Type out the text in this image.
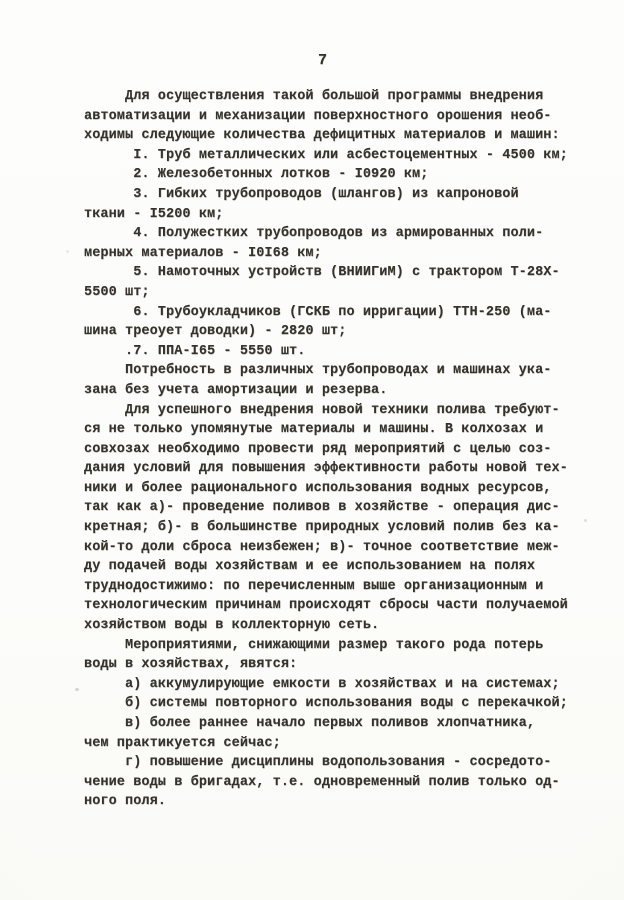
7
Для осуществления такой большой программы внедрения
автоматизации и механизации поверхностного орошения необ-
ходимы следующие количества дефицитных материалов и машин:
I. Труб металлических или асбестоцементных - 4500 км;
2. Железобетонных лотков - I0920 км;
3. Гибких трубопроводов (шлангов) из капроновой
ткани - I5200 км;
4. Полужестких трубопроводов из армированных поли-
мерных материалов - I0I68 км;
5. Намоточных устройств (ВНИИГиМ) с трактором Т-28Х-
5500 шт;
6. Трубоукладчиков (ГСКБ по ирригации) ТТН-250 (ма-
шина треоует доводки) - 2820 шт;
.7. ППА-I65 - 5550 шт.
Потребность в различных трубопроводах и машинах ука-
зана без учета амортизации и резерва.
Для успешного внедрения новой техники полива требуют-
ся не только упомянутые материалы и машины. В колхозах и
совхозах необходимо провести ряд мероприятий с целью соз-
дания условий для повышения эффективности работы новой тех-
ники и более рационального использования водных ресурсов,
так как а)- проведение поливов в хозяйстве - операция дис-
кретная; б)- в большинстве природных условий полив без ка-
кой-то доли сброса неизбежен; в)- точное соответствие меж-
ду подачей воды хозяйствам и ее использованием на полях
труднодостижимо: по перечисленным выше организационным и
технологическим причинам происходят сбросы части получаемой
хозяйством воды в коллекторную сеть.
Мероприятиями, снижающими размер такого рода потерь
воды в хозяйствах, явятся:
а) аккумулирующие емкости в хозяйствах и на системах;
б) системы повторного использования воды с перекачкой;
в) более раннее начало первых поливов хлопчатника,
чем практикуется сейчас;
г) повышение дисциплины водопользования - сосредото-
чение воды в бригадах, т.е. одновременный полив только од-
ного поля.
